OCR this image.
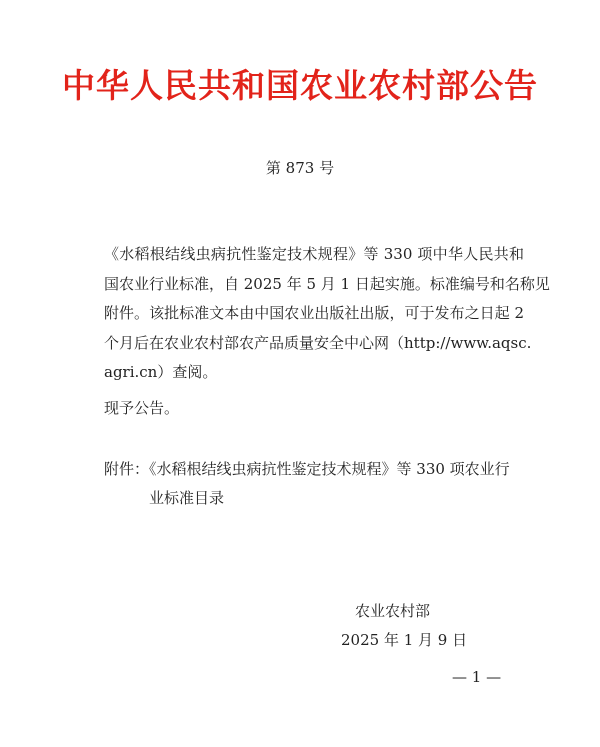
中华人民共和国农业农村部公告
第 873 号
《水稻根结线虫病抗性鉴定技术规程》等 330 项中华人民共和
国农业行业标准，自 2025 年 5 月 1 日起实施。标准编号和名称见
附件。该批标准文本由中国农业出版社出版，可于发布之日起 2
个月后在农业农村部农产品质量安全中心网（http://www.aqsc.
agri.cn）查阅。
现予公告。
附件：《水稻根结线虫病抗性鉴定技术规程》等 330 项农业行
业标准目录
农业农村部
2025 年 1 月 9 日
— 1 —
